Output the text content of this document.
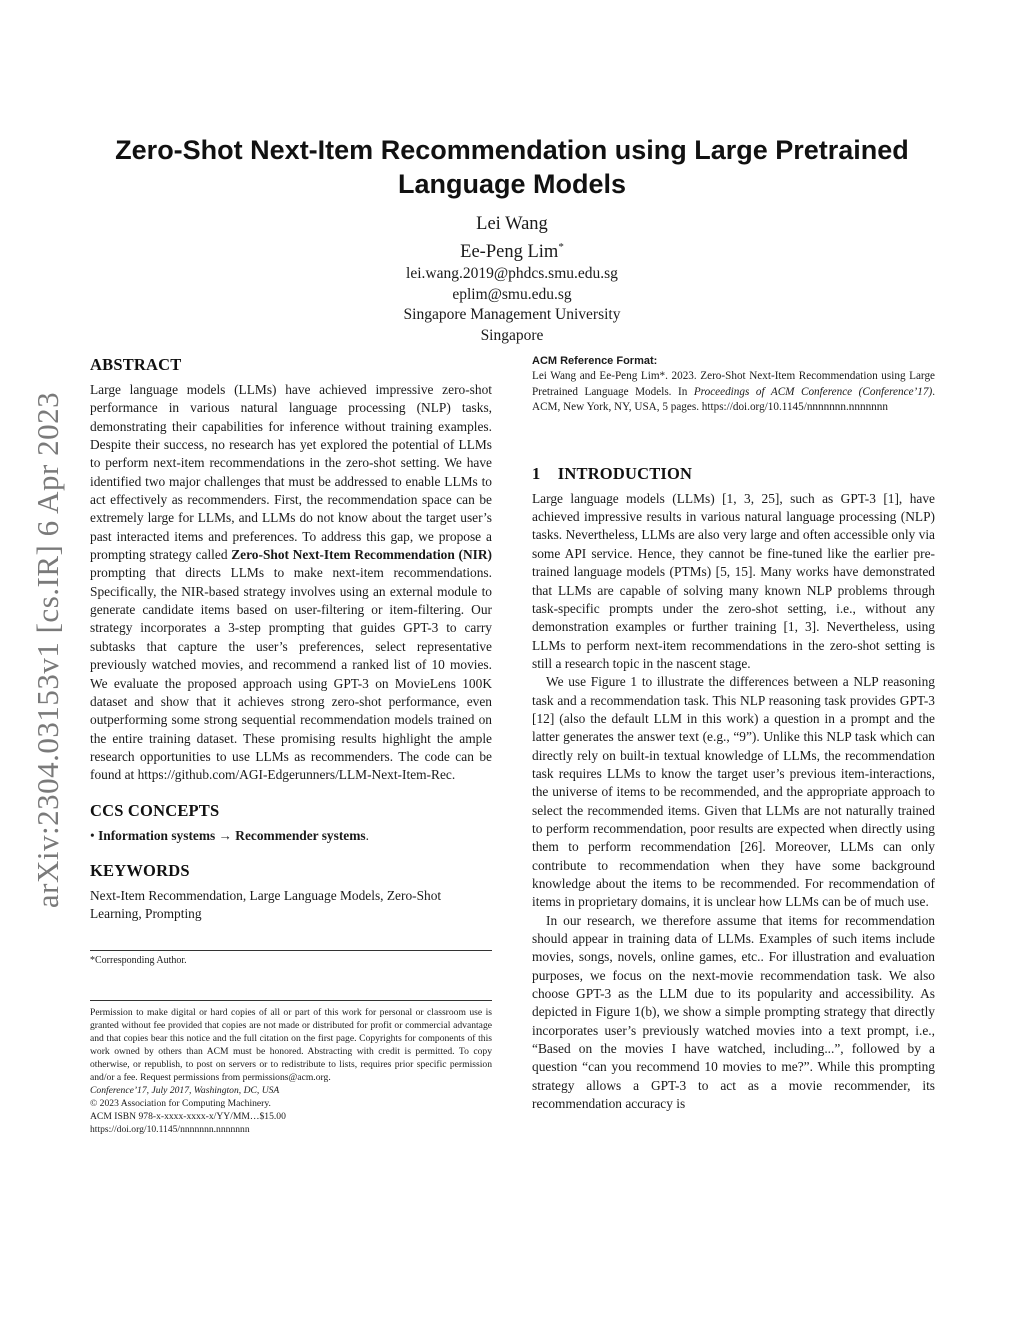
arXiv:2304.03153v1 [cs.IR] 6 Apr 2023
Zero-Shot Next-Item Recommendation using Large Pretrained Language Models
Lei Wang
Ee-Peng Lim*
lei.wang.2019@phdcs.smu.edu.sg
eplim@smu.edu.sg
Singapore Management University
Singapore
ABSTRACT

Large language models (LLMs) have achieved impressive zero-shot performance in various natural language processing (NLP) tasks, demonstrating their capabilities for inference without training examples. Despite their success, no research has yet explored the potential of LLMs to perform next-item recommendations in the zero-shot setting. We have identified two major challenges that must be addressed to enable LLMs to act effectively as recommenders. First, the recommendation space can be extremely large for LLMs, and LLMs do not know about the target user’s past interacted items and preferences. To address this gap, we propose a prompting strategy called Zero-Shot Next-Item Recommendation (NIR) prompting that directs LLMs to make next-item recommendations. Specifically, the NIR-based strategy involves using an external module to generate candidate items based on user-filtering or item-filtering. Our strategy incorporates a 3-step prompting that guides GPT-3 to carry subtasks that capture the user’s preferences, select representative previously watched movies, and recommend a ranked list of 10 movies. We evaluate the proposed approach using GPT-3 on MovieLens 100K dataset and show that it achieves strong zero-shot performance, even outperforming some strong sequential recommendation models trained on the entire training dataset. These promising results highlight the ample research opportunities to use LLMs as recommenders. The code can be found at https://github.com/AGI-Edgerunners/LLM-Next-Item-Rec.

CCS CONCEPTS

• Information systems → Recommender systems.

KEYWORDS

Next-Item Recommendation, Large Language Models, Zero-Shot Learning, Prompting

*Corresponding Author.
Permission to make digital or hard copies of all or part of this work for personal or classroom use is granted without fee provided that copies are not made or distributed for profit or commercial advantage and that copies bear this notice and the full citation on the first page. Copyrights for components of this work owned by others than ACM must be honored. Abstracting with credit is permitted. To copy otherwise, or republish, to post on servers or to redistribute to lists, requires prior specific permission and/or a fee. Request permissions from permissions@acm.org.
Conference’17, July 2017, Washington, DC, USA
© 2023 Association for Computing Machinery.
ACM ISBN 978-x-xxxx-xxxx-x/YY/MM…$15.00
https://doi.org/10.1145/nnnnnnn.nnnnnnn
ACM Reference Format:
Lei Wang and Ee-Peng Lim*. 2023. Zero-Shot Next-Item Recommendation using Large Pretrained Language Models. In Proceedings of ACM Conference (Conference’17). ACM, New York, NY, USA, 5 pages. https://doi.org/10.1145/nnnnnnn.nnnnnnn
1    INTRODUCTION

Large language models (LLMs) [1, 3, 25], such as GPT-3 [1], have achieved impressive results in various natural language processing (NLP) tasks. Nevertheless, LLMs are also very large and often accessible only via some API service. Hence, they cannot be fine-tuned like the earlier pre-trained language models (PTMs) [5, 15]. Many works have demonstrated that LLMs are capable of solving many known NLP problems through task-specific prompts under the zero-shot setting, i.e., without any demonstration examples or further training [1, 3]. Nevertheless, using LLMs to perform next-item recommendations in the zero-shot setting is still a research topic in the nascent stage.

We use Figure 1 to illustrate the differences between a NLP reasoning task and a recommendation task. This NLP reasoning task provides GPT-3 [12] (also the default LLM in this work) a question in a prompt and the latter generates the answer text (e.g., “9”). Unlike this NLP task which can directly rely on built-in textual knowledge of LLMs, the recommendation task requires LLMs to know the target user’s previous item-interactions, the universe of items to be recommended, and the appropriate approach to select the recommended items. Given that LLMs are not naturally trained to perform recommendation, poor results are expected when directly using them to perform recommendation [26]. Moreover, LLMs can only contribute to recommendation when they have some background knowledge about the items to be recommended. For recommendation of items in proprietary domains, it is unclear how LLMs can be of much use.

In our research, we therefore assume that items for recommendation should appear in training data of LLMs. Examples of such items include movies, songs, novels, online games, etc.. For illustration and evaluation purposes, we focus on the next-movie recommendation task. We also choose GPT-3 as the LLM due to its popularity and accessibility. As depicted in Figure 1(b), we show a simple prompting strategy that directly incorporates user’s previously watched movies into a text prompt, i.e., “Based on the movies I have watched, including...”, followed by a question “can you recommend 10 movies to me?”. While this prompting strategy allows a GPT-3 to act as a movie recommender, its recommendation accuracy is
